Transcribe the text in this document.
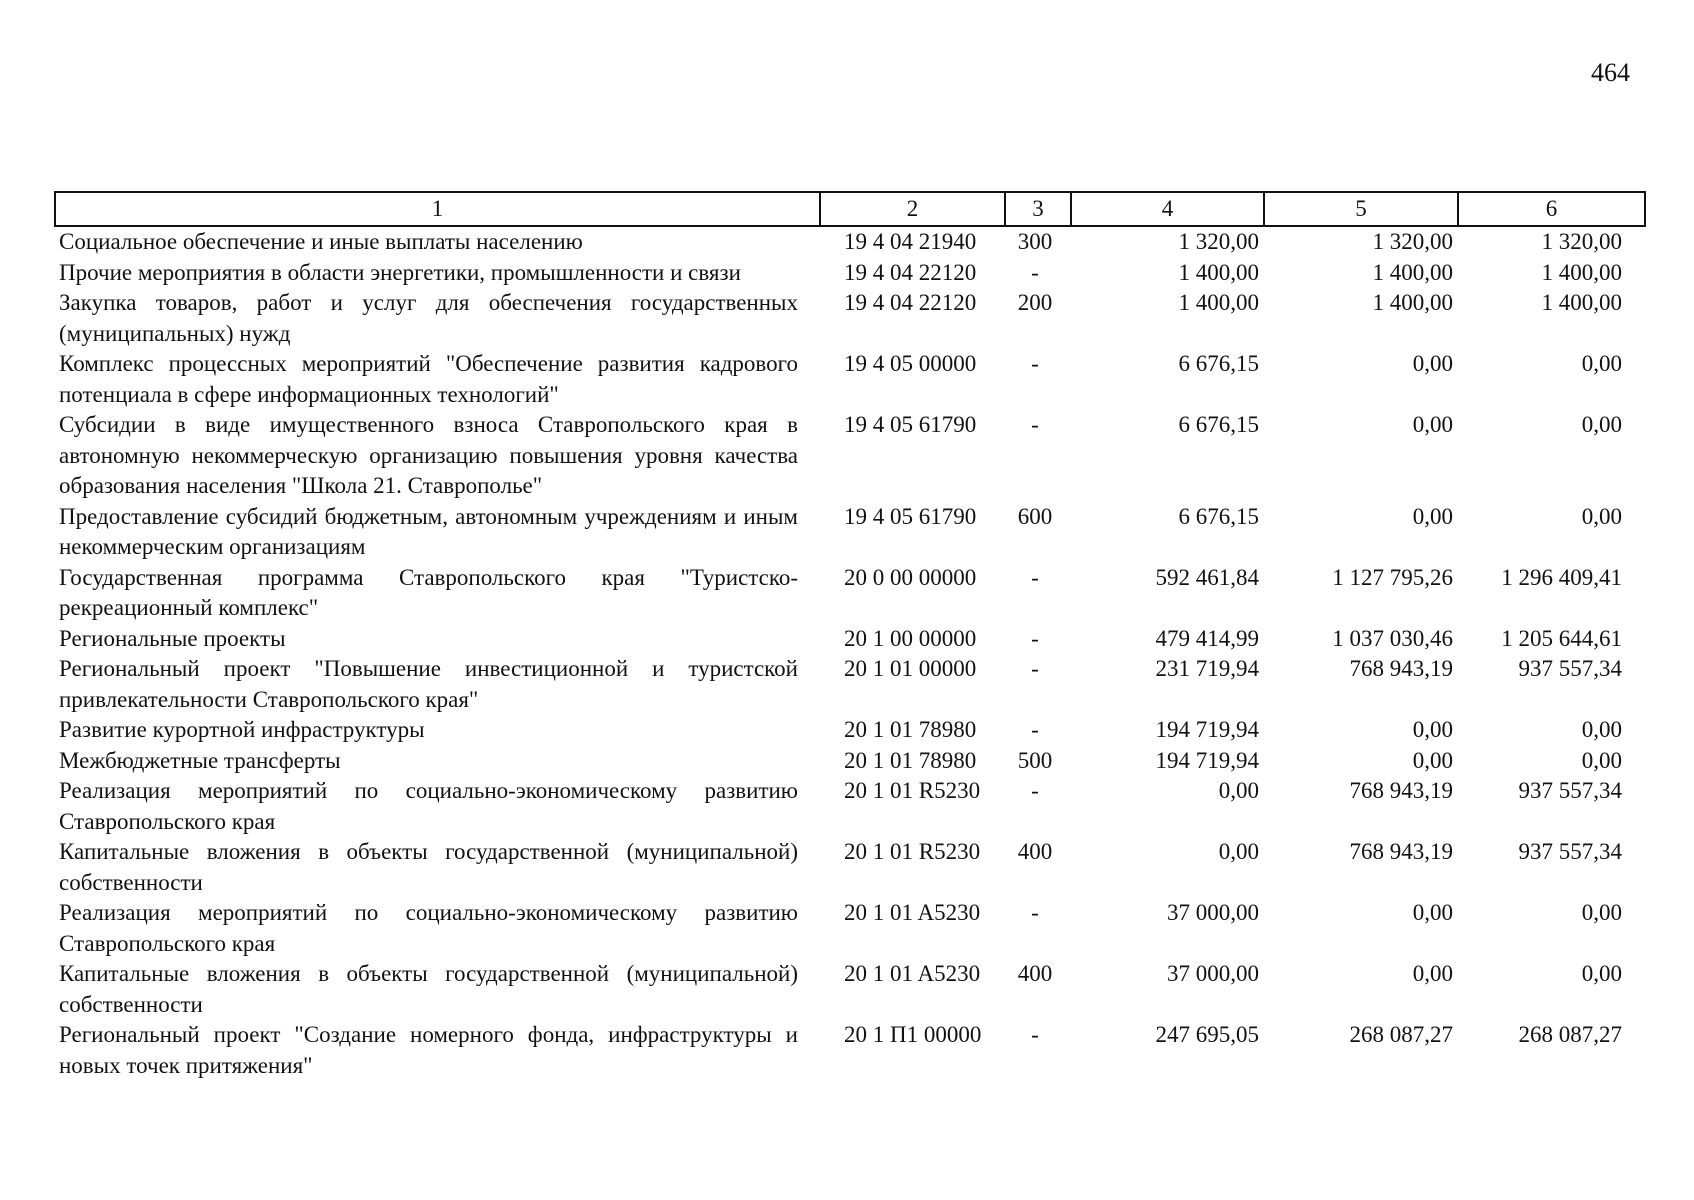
464
1	2	3	4	5	6
Социальное обеспечение и иные выплаты населению	19 4 04 21940	300	1 320,00	1 320,00	1 320,00
Прочие мероприятия в области энергетики, промышленности и связи	19 4 04 22120	-	1 400,00	1 400,00	1 400,00
Закупка товаров, работ и услуг для обеспечения государственных (муниципальных) нужд	19 4 04 22120	200	1 400,00	1 400,00	1 400,00
Комплекс процессных мероприятий "Обеспечение развития кадрового потенциала в сфере информационных технологий"	19 4 05 00000	-	6 676,15	0,00	0,00
Субсидии в виде имущественного взноса Ставропольского края в автономную некоммерческую организацию повышения уровня качества образования населения "Школа 21. Ставрополье"	19 4 05 61790	-	6 676,15	0,00	0,00
Предоставление субсидий бюджетным, автономным учреждениям и иным некоммерческим организациям	19 4 05 61790	600	6 676,15	0,00	0,00
Государственная программа Ставропольского края "Туристско-рекреационный комплекс"	20 0 00 00000	-	592 461,84	1 127 795,26	1 296 409,41
Региональные проекты	20 1 00 00000	-	479 414,99	1 037 030,46	1 205 644,61
Региональный проект "Повышение инвестиционной и туристской привлекательности Ставропольского края"	20 1 01 00000	-	231 719,94	768 943,19	937 557,34
Развитие курортной инфраструктуры	20 1 01 78980	-	194 719,94	0,00	0,00
Межбюджетные трансферты	20 1 01 78980	500	194 719,94	0,00	0,00
Реализация мероприятий по социально-экономическому развитию Ставропольского края	20 1 01 R5230	-	0,00	768 943,19	937 557,34
Капитальные вложения в объекты государственной (муниципальной) собственности	20 1 01 R5230	400	0,00	768 943,19	937 557,34
Реализация мероприятий по социально-экономическому развитию Ставропольского края	20 1 01 A5230	-	37 000,00	0,00	0,00
Капитальные вложения в объекты государственной (муниципальной) собственности	20 1 01 A5230	400	37 000,00	0,00	0,00
Региональный проект "Создание номерного фонда, инфраструктуры и новых точек притяжения"	20 1 П1 00000	-	247 695,05	268 087,27	268 087,27
